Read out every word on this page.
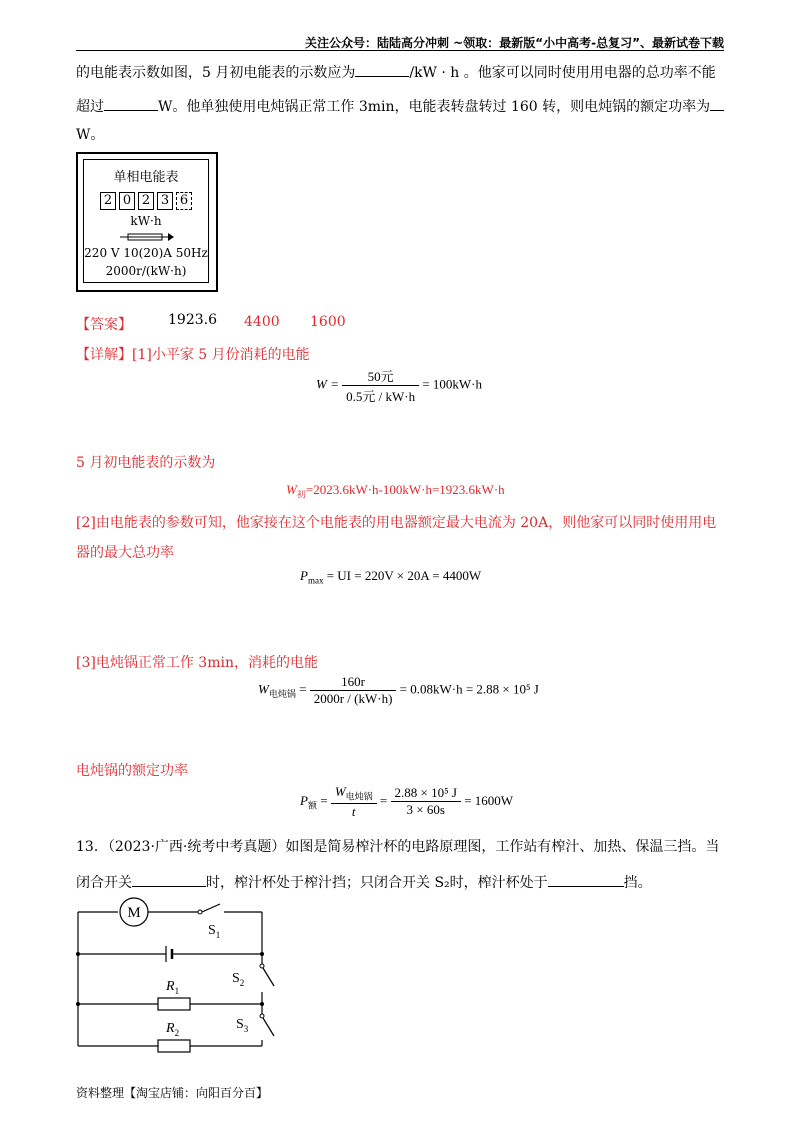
关注公众号：陆陆高分冲刺 ~领取：最新版“小中高考-总复习”、最新试卷下载
的电能表示数如图，5 月初电能表的示数应为	/kW · h 。他家可以同时使用用电器的总功率不能
超过	W。他单独使用电炖锅正常工作 3min，电能表转盘转过 160 转，则电炖锅的额定功率为
W。
单相电能表
2 0 2 3 6
kW·h
220 V 10(20)A 50Hz
2000r/(kW·h)
【答案】	1923.6 4400 1600
【详解】[1]小平家 5 月份消耗的电能
$W = \frac{\text{50元}}{\text{0.5元 / kW·h}} = 100kW\cdot h$
5 月初电能表的示数为
$W_初=2023.6kW\cdot h-100kW\cdot h=1923.6kW\cdot h$
[2]由电能表的参数可知，他家接在这个电能表的用电器额定最大电流为 20A，则他家可以同时使用用电
器的最大总功率
$P_{max}$ = UI = 220V × 20A = 4400W
[3]电炖锅正常工作 3min，消耗的电能
$W_{电炖锅} = \frac{160r}{2000r / (kW\cdot h)} = 0.08kW\cdot h = 2.88 \times 10^5$ J
电炖锅的额定功率
$P_额 = \frac{W_{电炖锅}}{t} = \frac{\text{2.88 × 10⁵ J}}{3 \times 60s} = 1600W$
13．（2023·广西·统考中考真题）如图是简易榨汁杯的电路原理图，工作站有榨汁、加热、保温三挡。当
闭合开关	时，榨汁杯处于榨汁挡；只闭合开关 S₂时，榨汁杯处于	挡。
M
$S_1$
$S_2$
$R_1$
$S_3$
$R_2$
资料整理【淘宝店铺：向阳百分百】
